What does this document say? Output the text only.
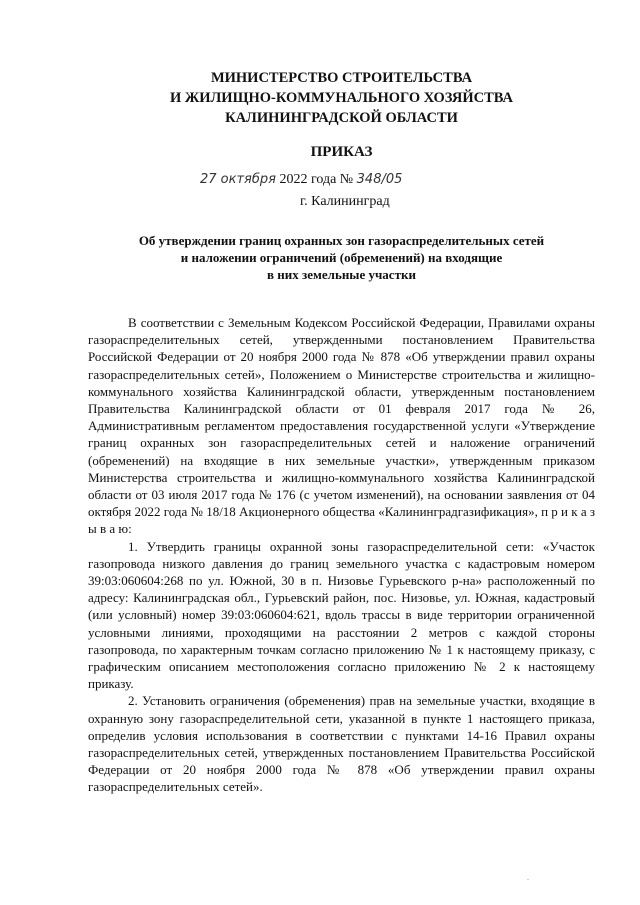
МИНИСТЕРСТВО СТРОИТЕЛЬСТВА
И ЖИЛИЩНО-КОММУНАЛЬНОГО ХОЗЯЙСТВА
КАЛИНИНГРАДСКОЙ ОБЛАСТИ
ПРИКАЗ
27 октября 2022 года № 348/05
г. Калининград
Об утверждении границ охранных зон газораспределительных сетей
и наложении ограничений (обременений) на входящие
в них земельные участки

В соответствии с Земельным Кодексом Российской Федерации, Правилами охраны газораспределительных сетей, утвержденными постановлением Правительства Российской Федерации от 20 ноября 2000 года № 878 «Об утверждении правил охраны газораспределительных сетей», Положением о Министерстве строительства и жилищно-коммунального хозяйства Калининградской области, утвержденным постановлением Правительства Калининградской области от 01 февраля 2017 года № 26, Административным регламентом предоставления государственной услуги «Утверждение границ охранных зон газораспределительных сетей и наложение ограничений (обременений) на входящие в них земельные участки», утвержденным приказом Министерства строительства и жилищно-коммунального хозяйства Калининградской области от 03 июля 2017 года № 176 (с учетом изменений), на основании заявления от 04 октября 2022 года № 18/18 Акционерного общества «Калининградгазификация», п р и к а з ы в а ю:

1. Утвердить границы охранной зоны газораспределительной сети: «Участок газопровода низкого давления до границ земельного участка с кадастровым номером 39:03:060604:268 по ул. Южной, 30 в п. Низовье Гурьевского р-на» расположенный по адресу: Калининградская обл., Гурьевский район, пос. Низовье, ул. Южная, кадастровый (или условный) номер 39:03:060604:621, вдоль трассы в виде территории ограниченной условными линиями, проходящими на расстоянии 2 метров с каждой стороны газопровода, по характерным точкам согласно приложению № 1 к настоящему приказу, с графическим описанием местоположения согласно приложению № 2 к настоящему приказу.

2. Установить ограничения (обременения) прав на земельные участки, входящие в охранную зону газораспределительной сети, указанной в пункте 1 настоящего приказа, определив условия использования в соответствии с пунктами 14-16 Правил охраны газораспределительных сетей, утвержденных постановлением Правительства Российской Федерации от 20 ноября 2000 года № 878 «Об утверждении правил охраны газораспределительных сетей».

.
